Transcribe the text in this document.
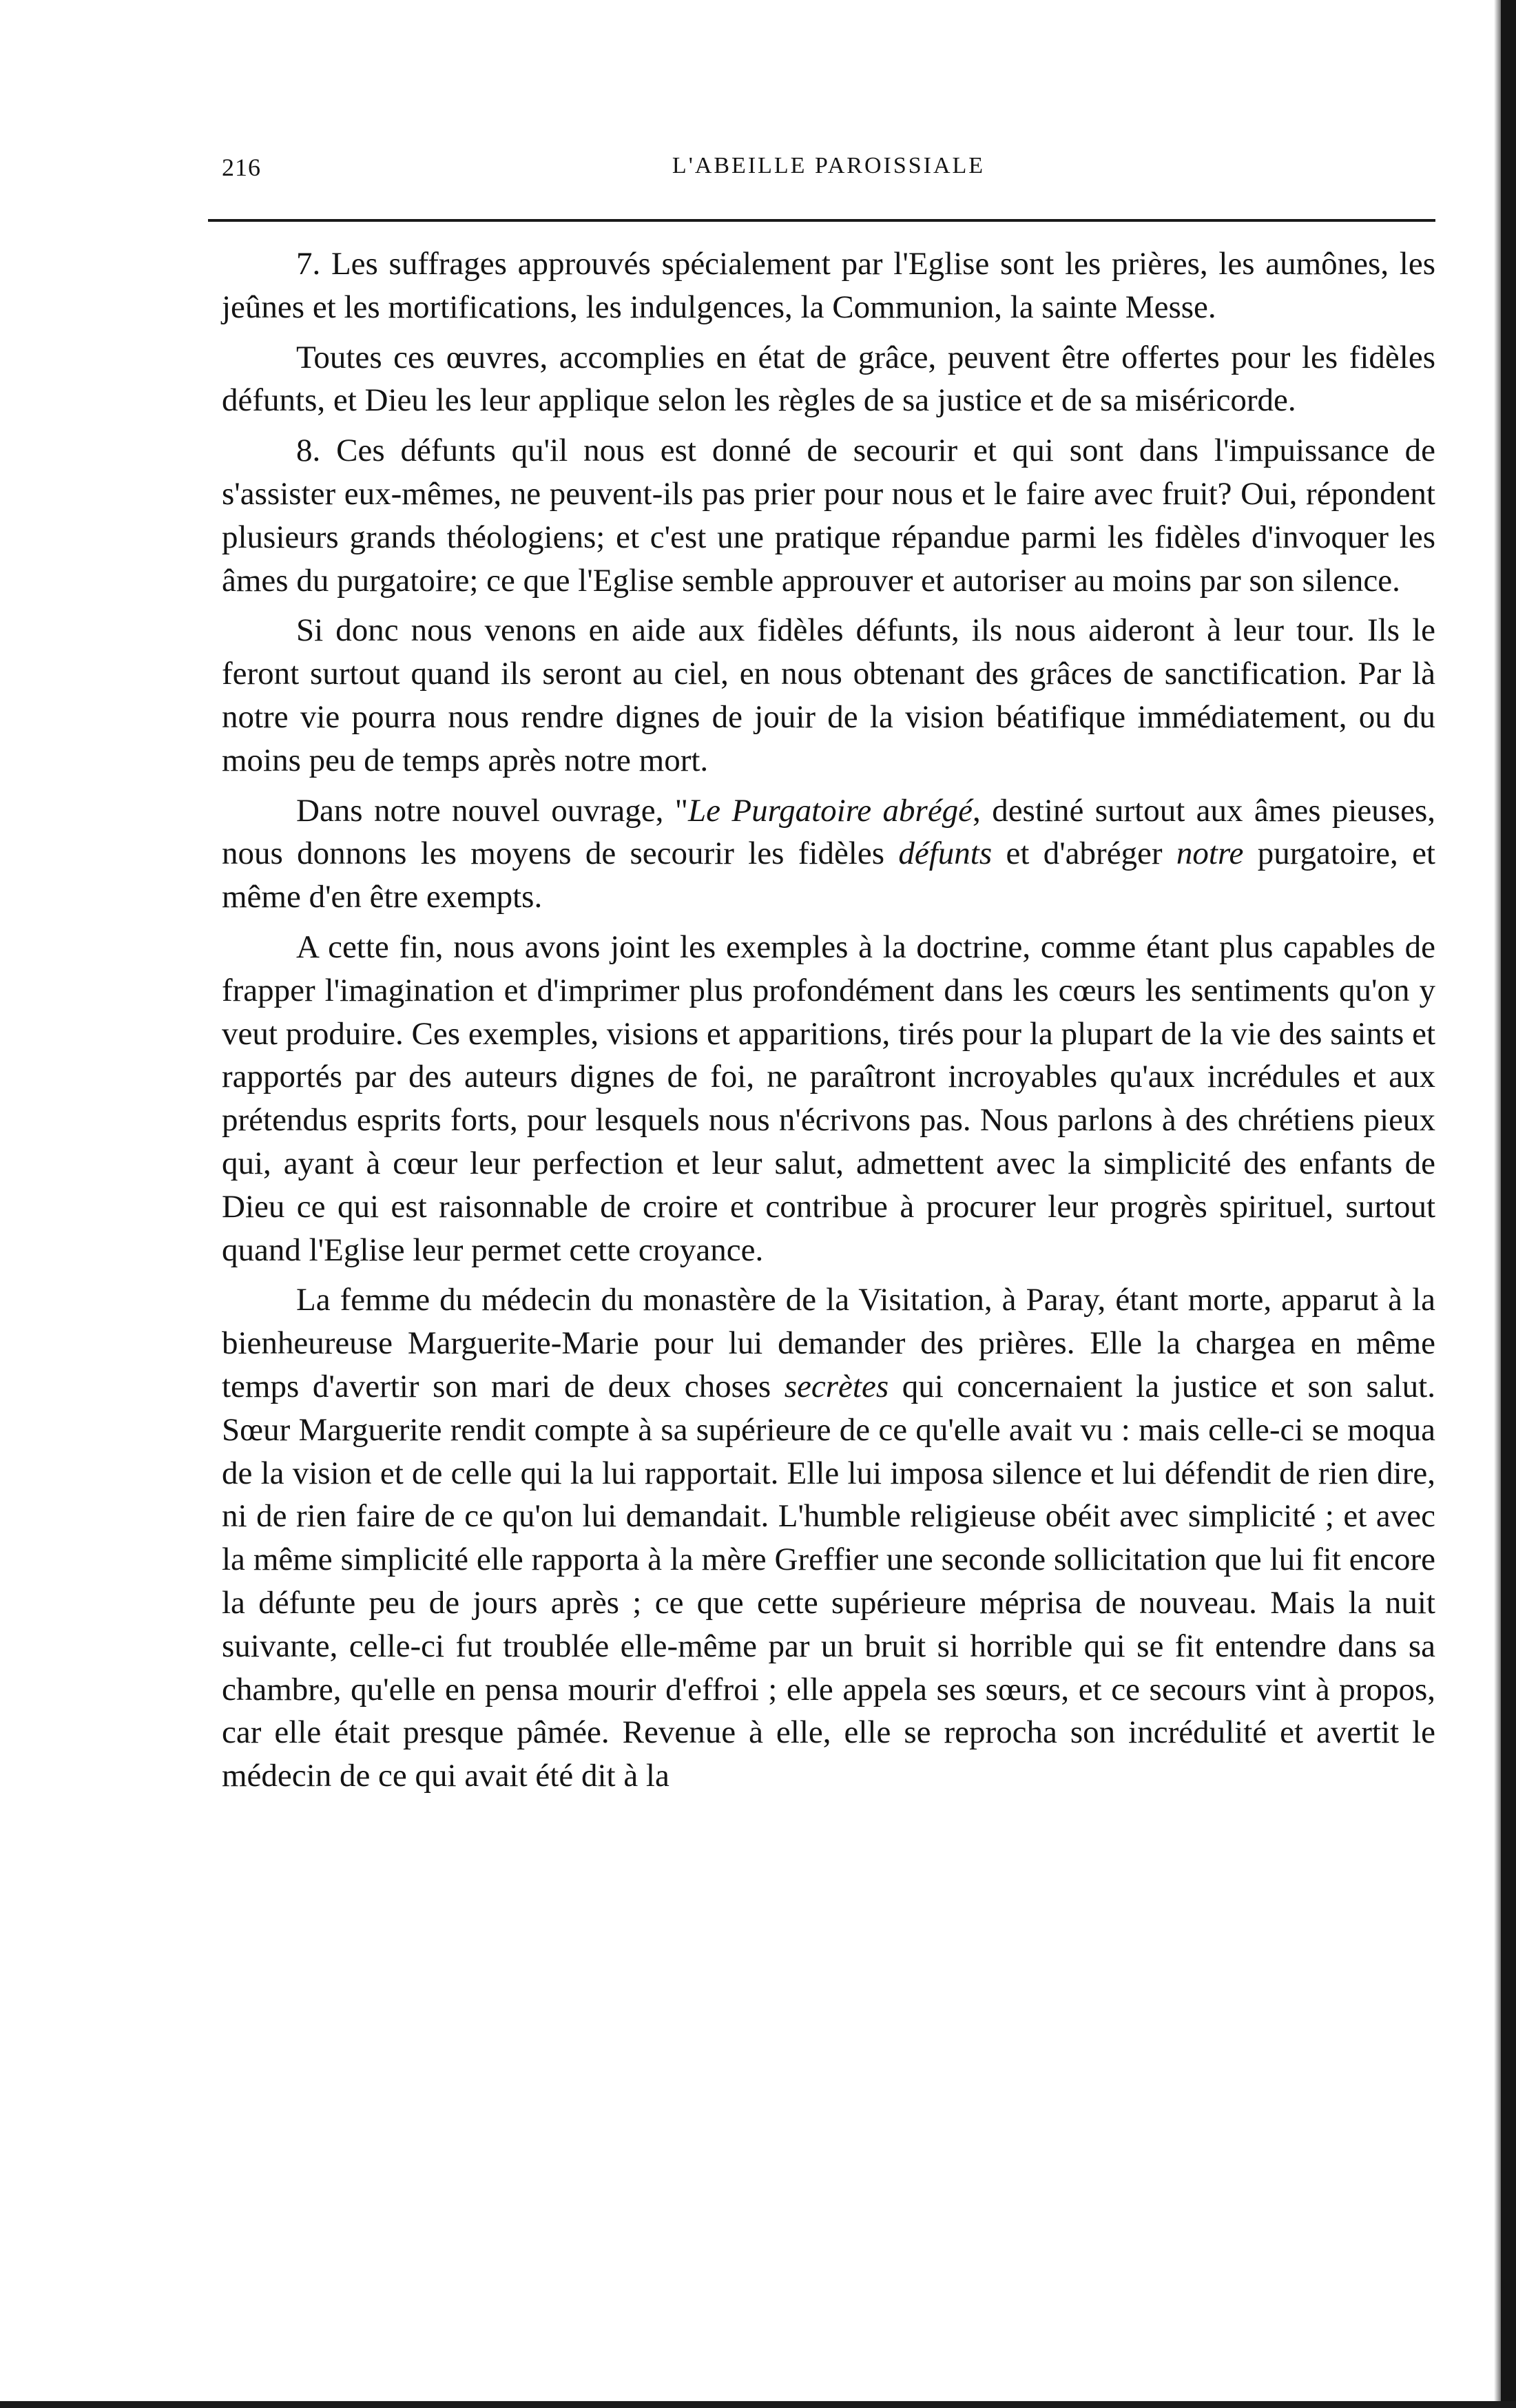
216	L'ABEILLE PAROISSIALE

7. Les suffrages approuvés spécialement par l'Eglise sont les prières, les aumônes, les jeûnes et les mortifications, les indulgences, la Communion, la sainte Messe.

Toutes ces œuvres, accomplies en état de grâce, peuvent être offertes pour les fidèles défunts, et Dieu les leur applique selon les règles de sa justice et de sa miséricorde.

8. Ces défunts qu'il nous est donné de secourir et qui sont dans l'impuissance de s'assister eux-mêmes, ne peuvent-ils pas prier pour nous et le faire avec fruit? Oui, répondent plusieurs grands théologiens; et c'est une pratique répandue parmi les fidèles d'invoquer les âmes du purgatoire; ce que l'Eglise semble approuver et autoriser au moins par son silence.

Si donc nous venons en aide aux fidèles défunts, ils nous aideront à leur tour. Ils le feront surtout quand ils seront au ciel, en nous obtenant des grâces de sanctification. Par là notre vie pourra nous rendre dignes de jouir de la vision béatifique immédiatement, ou du moins peu de temps après notre mort.

Dans notre nouvel ouvrage, "Le Purgatoire abrégé, destiné surtout aux âmes pieuses, nous donnons les moyens de secourir les fidèles défunts et d'abréger notre purgatoire, et même d'en être exempts.

A cette fin, nous avons joint les exemples à la doctrine, comme étant plus capables de frapper l'imagination et d'imprimer plus profondément dans les cœurs les sentiments qu'on y veut produire. Ces exemples, visions et apparitions, tirés pour la plupart de la vie des saints et rapportés par des auteurs dignes de foi, ne paraîtront incroyables qu'aux incrédules et aux prétendus esprits forts, pour lesquels nous n'écrivons pas. Nous parlons à des chrétiens pieux qui, ayant à cœur leur perfection et leur salut, admettent avec la simplicité des enfants de Dieu ce qui est raisonnable de croire et contribue à procurer leur progrès spirituel, surtout quand l'Eglise leur permet cette croyance.

La femme du médecin du monastère de la Visitation, à Paray, étant morte, apparut à la bienheureuse Marguerite-Marie pour lui demander des prières. Elle la chargea en même temps d'avertir son mari de deux choses secrètes qui concernaient la justice et son salut. Sœur Marguerite rendit compte à sa supérieure de ce qu'elle avait vu : mais celle-ci se moqua de la vision et de celle qui la lui rapportait. Elle lui imposa silence et lui défendit de rien dire, ni de rien faire de ce qu'on lui demandait. L'humble religieuse obéit avec simplicité ; et avec la même simplicité elle rapporta à la mère Greffier une seconde sollicitation que lui fit encore la défunte peu de jours après ; ce que cette supérieure méprisa de nouveau. Mais la nuit suivante, celle-ci fut troublée elle-même par un bruit si horrible qui se fit entendre dans sa chambre, qu'elle en pensa mourir d'effroi ; elle appela ses sœurs, et ce secours vint à propos, car elle était presque pâmée. Revenue à elle, elle se reprocha son incrédulité et avertit le médecin de ce qui avait été dit à la
